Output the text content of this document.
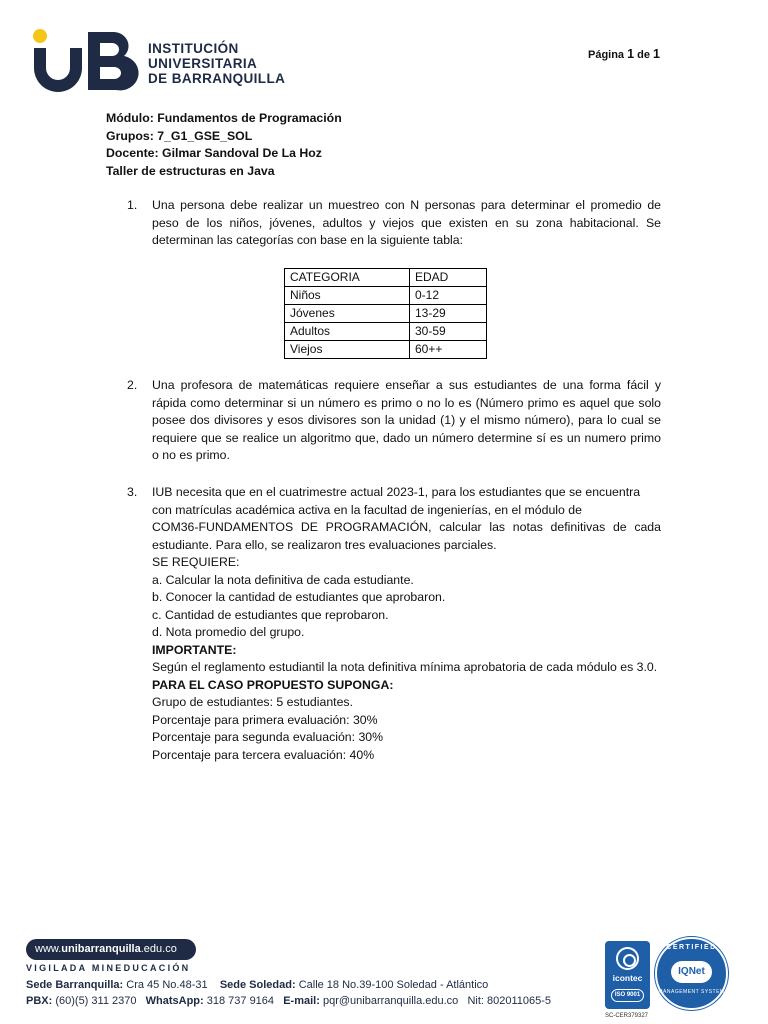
INSTITUCIÓN
UNIVERSITARIA
DE BARRANQUILLA
Página 1 de 1
Módulo: Fundamentos de Programación
Grupos: 7_G1_GSE_SOL
Docente: Gilmar Sandoval De La Hoz
Taller de estructuras en Java
1. Una persona debe realizar un muestreo con N personas para determinar el promedio de peso de los niños, jóvenes, adultos y viejos que existen en su zona habitacional. Se determinan las categorías con base en la siguiente tabla:
CATEGORIA	EDAD
Niños	0-12
Jóvenes	13-29
Adultos	30-59
Viejos	60++
2. Una profesora de matemáticas requiere enseñar a sus estudiantes de una forma fácil y rápida como determinar si un número es primo o no lo es (Número primo es aquel que solo posee dos divisores y esos divisores son la unidad (1) y el mismo número), para lo cual se requiere que se realice un algoritmo que, dado un número determine sí es un numero primo o no es primo.
3. IUB necesita que en el cuatrimestre actual 2023-1, para los estudiantes que se encuentra
con matrículas académica activa en la facultad de ingenierías, en el módulo de
COM36-FUNDAMENTOS DE PROGRAMACIÓN, calcular las notas definitivas de cada estudiante. Para ello, se realizaron tres evaluaciones parciales.
SE REQUIERE:
a. Calcular la nota definitiva de cada estudiante.
b. Conocer la cantidad de estudiantes que aprobaron.
c. Cantidad de estudiantes que reprobaron.
d. Nota promedio del grupo.
IMPORTANTE:
Según el reglamento estudiantil la nota definitiva mínima aprobatoria de cada módulo es 3.0.
PARA EL CASO PROPUESTO SUPONGA:
Grupo de estudiantes: 5 estudiantes.
Porcentaje para primera evaluación: 30%
Porcentaje para segunda evaluación: 30%
Porcentaje para tercera evaluación: 40%
www.unibarranquilla.edu.co
VIGILADA MINEDUCACIÓN
Sede Barranquilla: Cra 45 No.48-31 Sede Soledad: Calle 18 No.39-100 Soledad - Atlántico
PBX: (60)(5) 311 2370 WhatsApp: 318 737 9164 E-mail: pqr@unibarranquilla.edu.co Nit: 802011065-5
icontec
ISO 9001
SC-CER379327
CERTIFIED
IQNet
MANAGEMENT SYSTEM
